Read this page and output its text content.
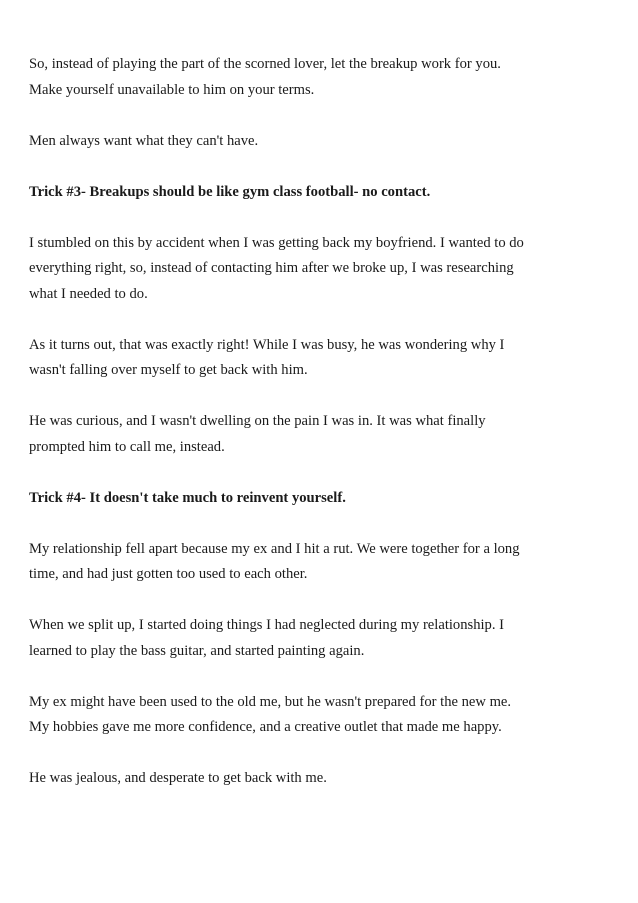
So, instead of playing the part of the scorned lover, let the breakup work for you.
Make yourself unavailable to him on your terms.

Men always want what they can't have.

Trick #3- Breakups should be like gym class football- no contact.

I stumbled on this by accident when I was getting back my boyfriend. I wanted to do
everything right, so, instead of contacting him after we broke up, I was researching
what I needed to do.

As it turns out, that was exactly right! While I was busy, he was wondering why I
wasn't falling over myself to get back with him.

He was curious, and I wasn't dwelling on the pain I was in. It was what finally
prompted him to call me, instead.

Trick #4- It doesn't take much to reinvent yourself.

My relationship fell apart because my ex and I hit a rut. We were together for a long
time, and had just gotten too used to each other.

When we split up, I started doing things I had neglected during my relationship. I
learned to play the bass guitar, and started painting again.

My ex might have been used to the old me, but he wasn't prepared for the new me.
My hobbies gave me more confidence, and a creative outlet that made me happy.

He was jealous, and desperate to get back with me.
